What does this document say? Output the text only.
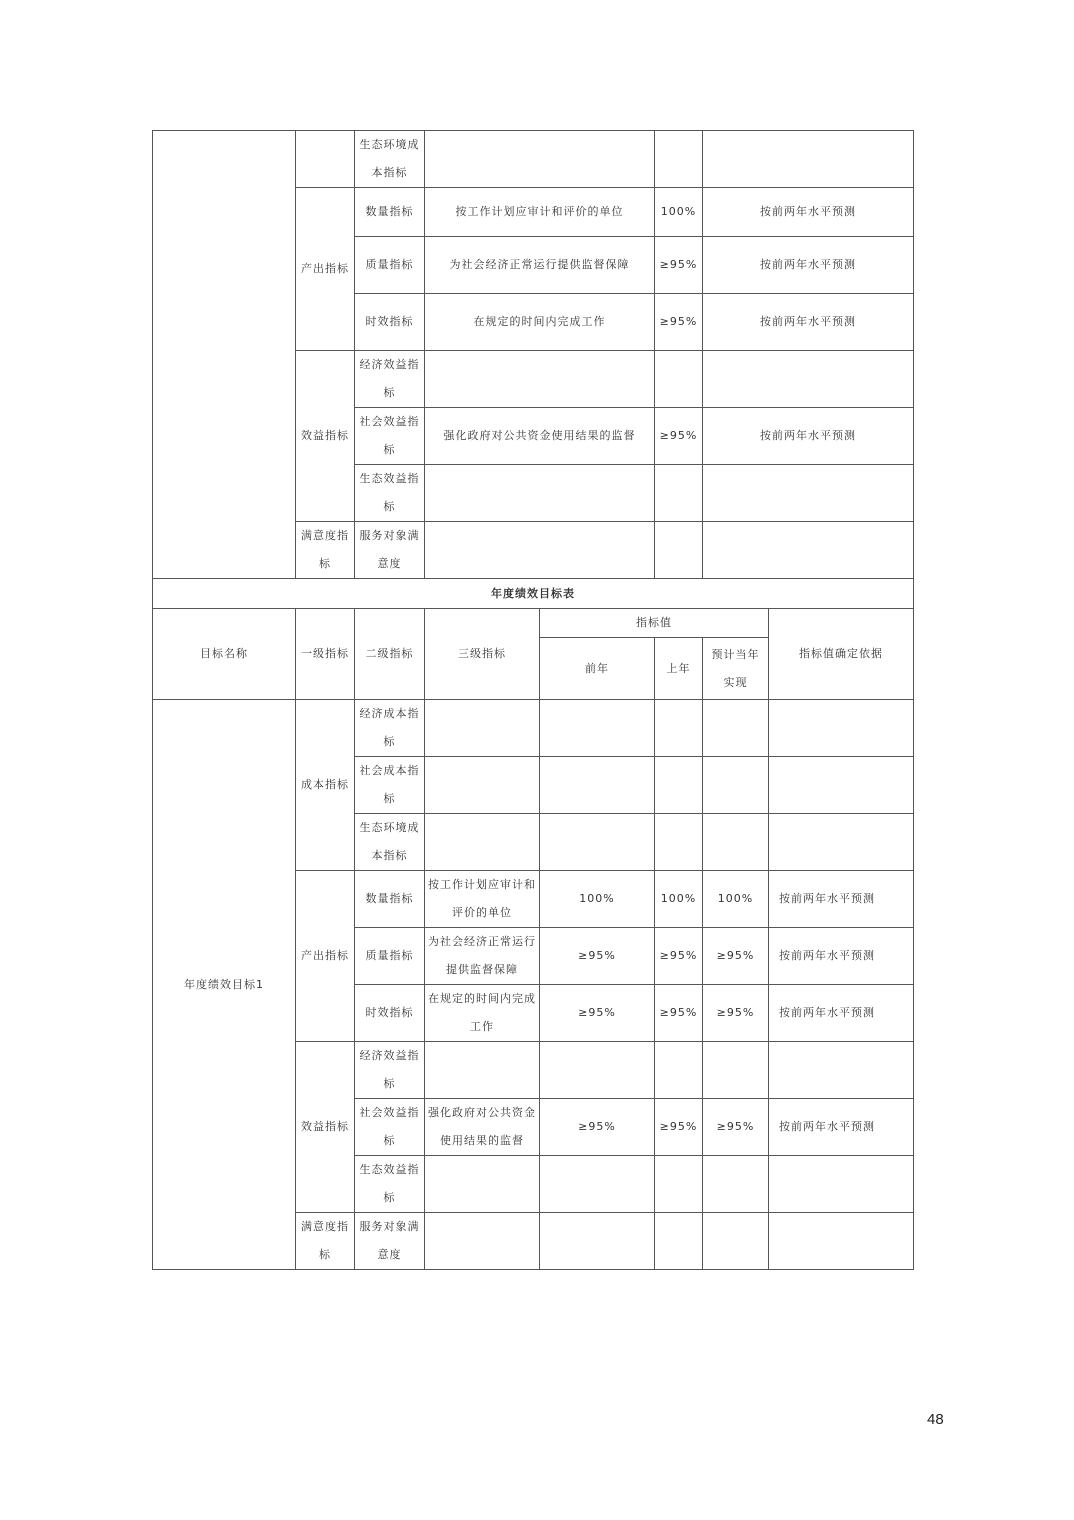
		生态环境成本指标					
	产出指标	数量指标	按工作计划应审计和评价的单位		100%	按前两年水平预测	
		质量指标	为社会经济正常运行提供监督保障		≥95%	按前两年水平预测	
		时效指标	在规定的时间内完成工作		≥95%	按前两年水平预测	
	效益指标	经济效益指标					
		社会效益指标	强化政府对公共资金使用结果的监督		≥95%	按前两年水平预测	
		生态效益指标					
	满意度指标	服务对象满意度					
年度绩效目标表							
目标名称	一级指标	二级指标	三级指标	指标值			指标值确定依据
				前年	上年	预计当年实现	
年度绩效目标1	成本指标	经济成本指标					
		社会成本指标					
		生态环境成本指标					
	产出指标	数量指标	按工作计划应审计和评价的单位	100%	100%	100%	按前两年水平预测
		质量指标	为社会经济正常运行提供监督保障	≥95%	≥95%	≥95%	按前两年水平预测
		时效指标	在规定的时间内完成工作	≥95%	≥95%	≥95%	按前两年水平预测
	效益指标	经济效益指标					
		社会效益指标	强化政府对公共资金使用结果的监督	≥95%	≥95%	≥95%	按前两年水平预测
		生态效益指标					
	满意度指标	服务对象满意度					
48
